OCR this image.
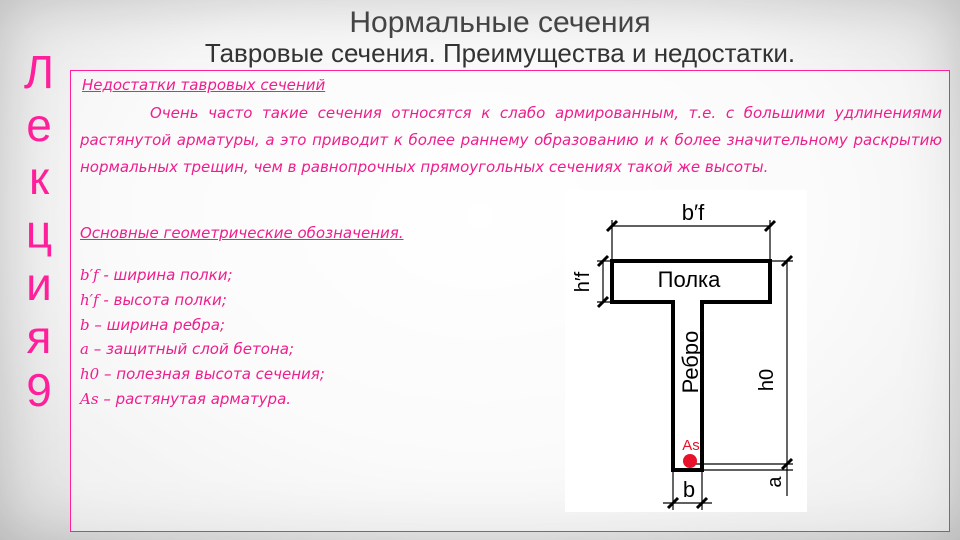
Л
е
к
ц
и
я
9
Нормальные сечения
Тавровые сечения. Преимущества и недостатки.

Недостатки тавровых сечений

Очень часто такие сечения относятся к слабо армированным, т.е. с большими удлинениями растянутой арматуры, а это приводит к более раннему образованию и к более значительному раскрытию нормальных трещин, чем в равнопрочных прямоугольных сечениях такой же высоты.

Основные геометрические обозначения.

b′f - ширина полки;
h′f - высота полки;
b – ширина ребра;
a – защитный слой бетона;
h0 – полезная высота сечения;
As – растянутая арматура.
b′f
h′f	Полка
Ребро	h0
a
As
b
